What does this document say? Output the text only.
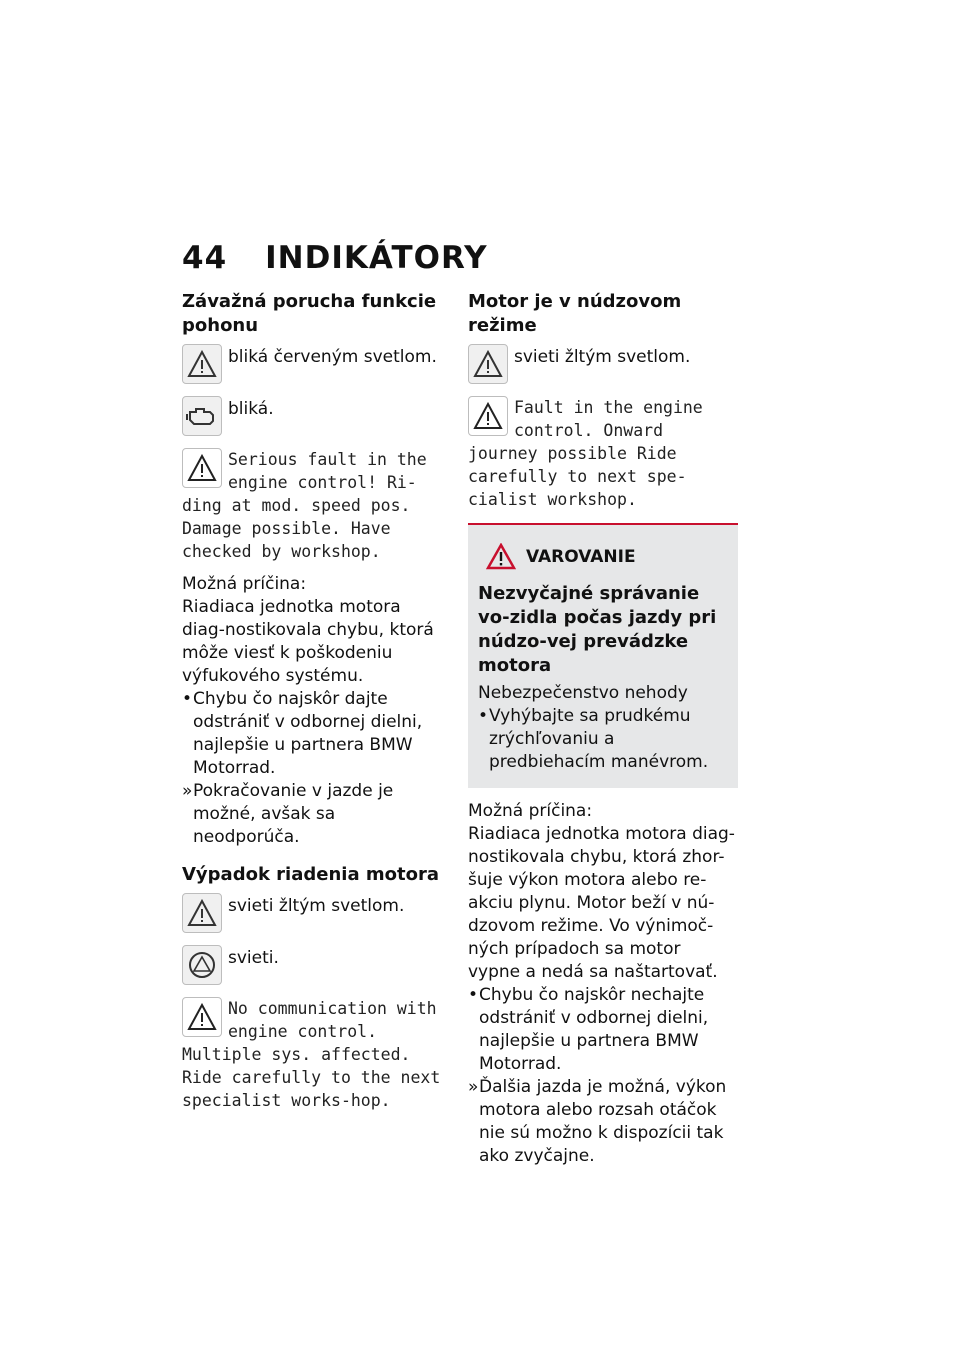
44 INDIKÁTORY

Závažná porucha funkcie pohonu

bliká červeným svetlom.
bliká.
Serious fault in the engine control! Ri-
ding at mod. speed pos. Damage possible. Have checked by workshop.

Možná príčina:

Riadiaca jednotka motora diag-nostikovala chybu, ktorá môže viesť k poškodeniu výfukového systému.

• Chybu čo najskôr dajte odstrániť v odbornej dielni, najlepšie u partnera BMW Motorrad.
» Pokračovanie v jazde je možné, avšak sa neodporúča.

Výpadok riadenia motora

svieti žltým svetlom.
svieti.
No communication with engine control.
Multiple sys. affected. Ride carefully to the next specialist works-hop.

Motor je v núdzovom režime

svieti žltým svetlom.
Fault in the engine control. Onward
journey possible Ride carefully to next spe-cialist workshop.
VAROVANIE

Nezvyčajné správanie vo-zidla počas jazdy pri núdzo-vej prevádzke motora

Nebezpečenstvo nehody

• Vyhýbajte sa prudkému zrýchľovaniu a predbiehacím manévrom.

Možná príčina:

Riadiaca jednotka motora diag-nostikovala chybu, ktorá zhor-šuje výkon motora alebo re-akciu plynu. Motor beží v nú-dzovom režime. Vo výnimoč-ných prípadoch sa motor vypne a nedá sa naštartovať.

• Chybu čo najskôr nechajte odstrániť v odbornej dielni, najlepšie u partnera BMW Motorrad.
» Ďalšia jazda je možná, výkon motora alebo rozsah otáčok nie sú možno k dispozícii tak ako zvyčajne.
